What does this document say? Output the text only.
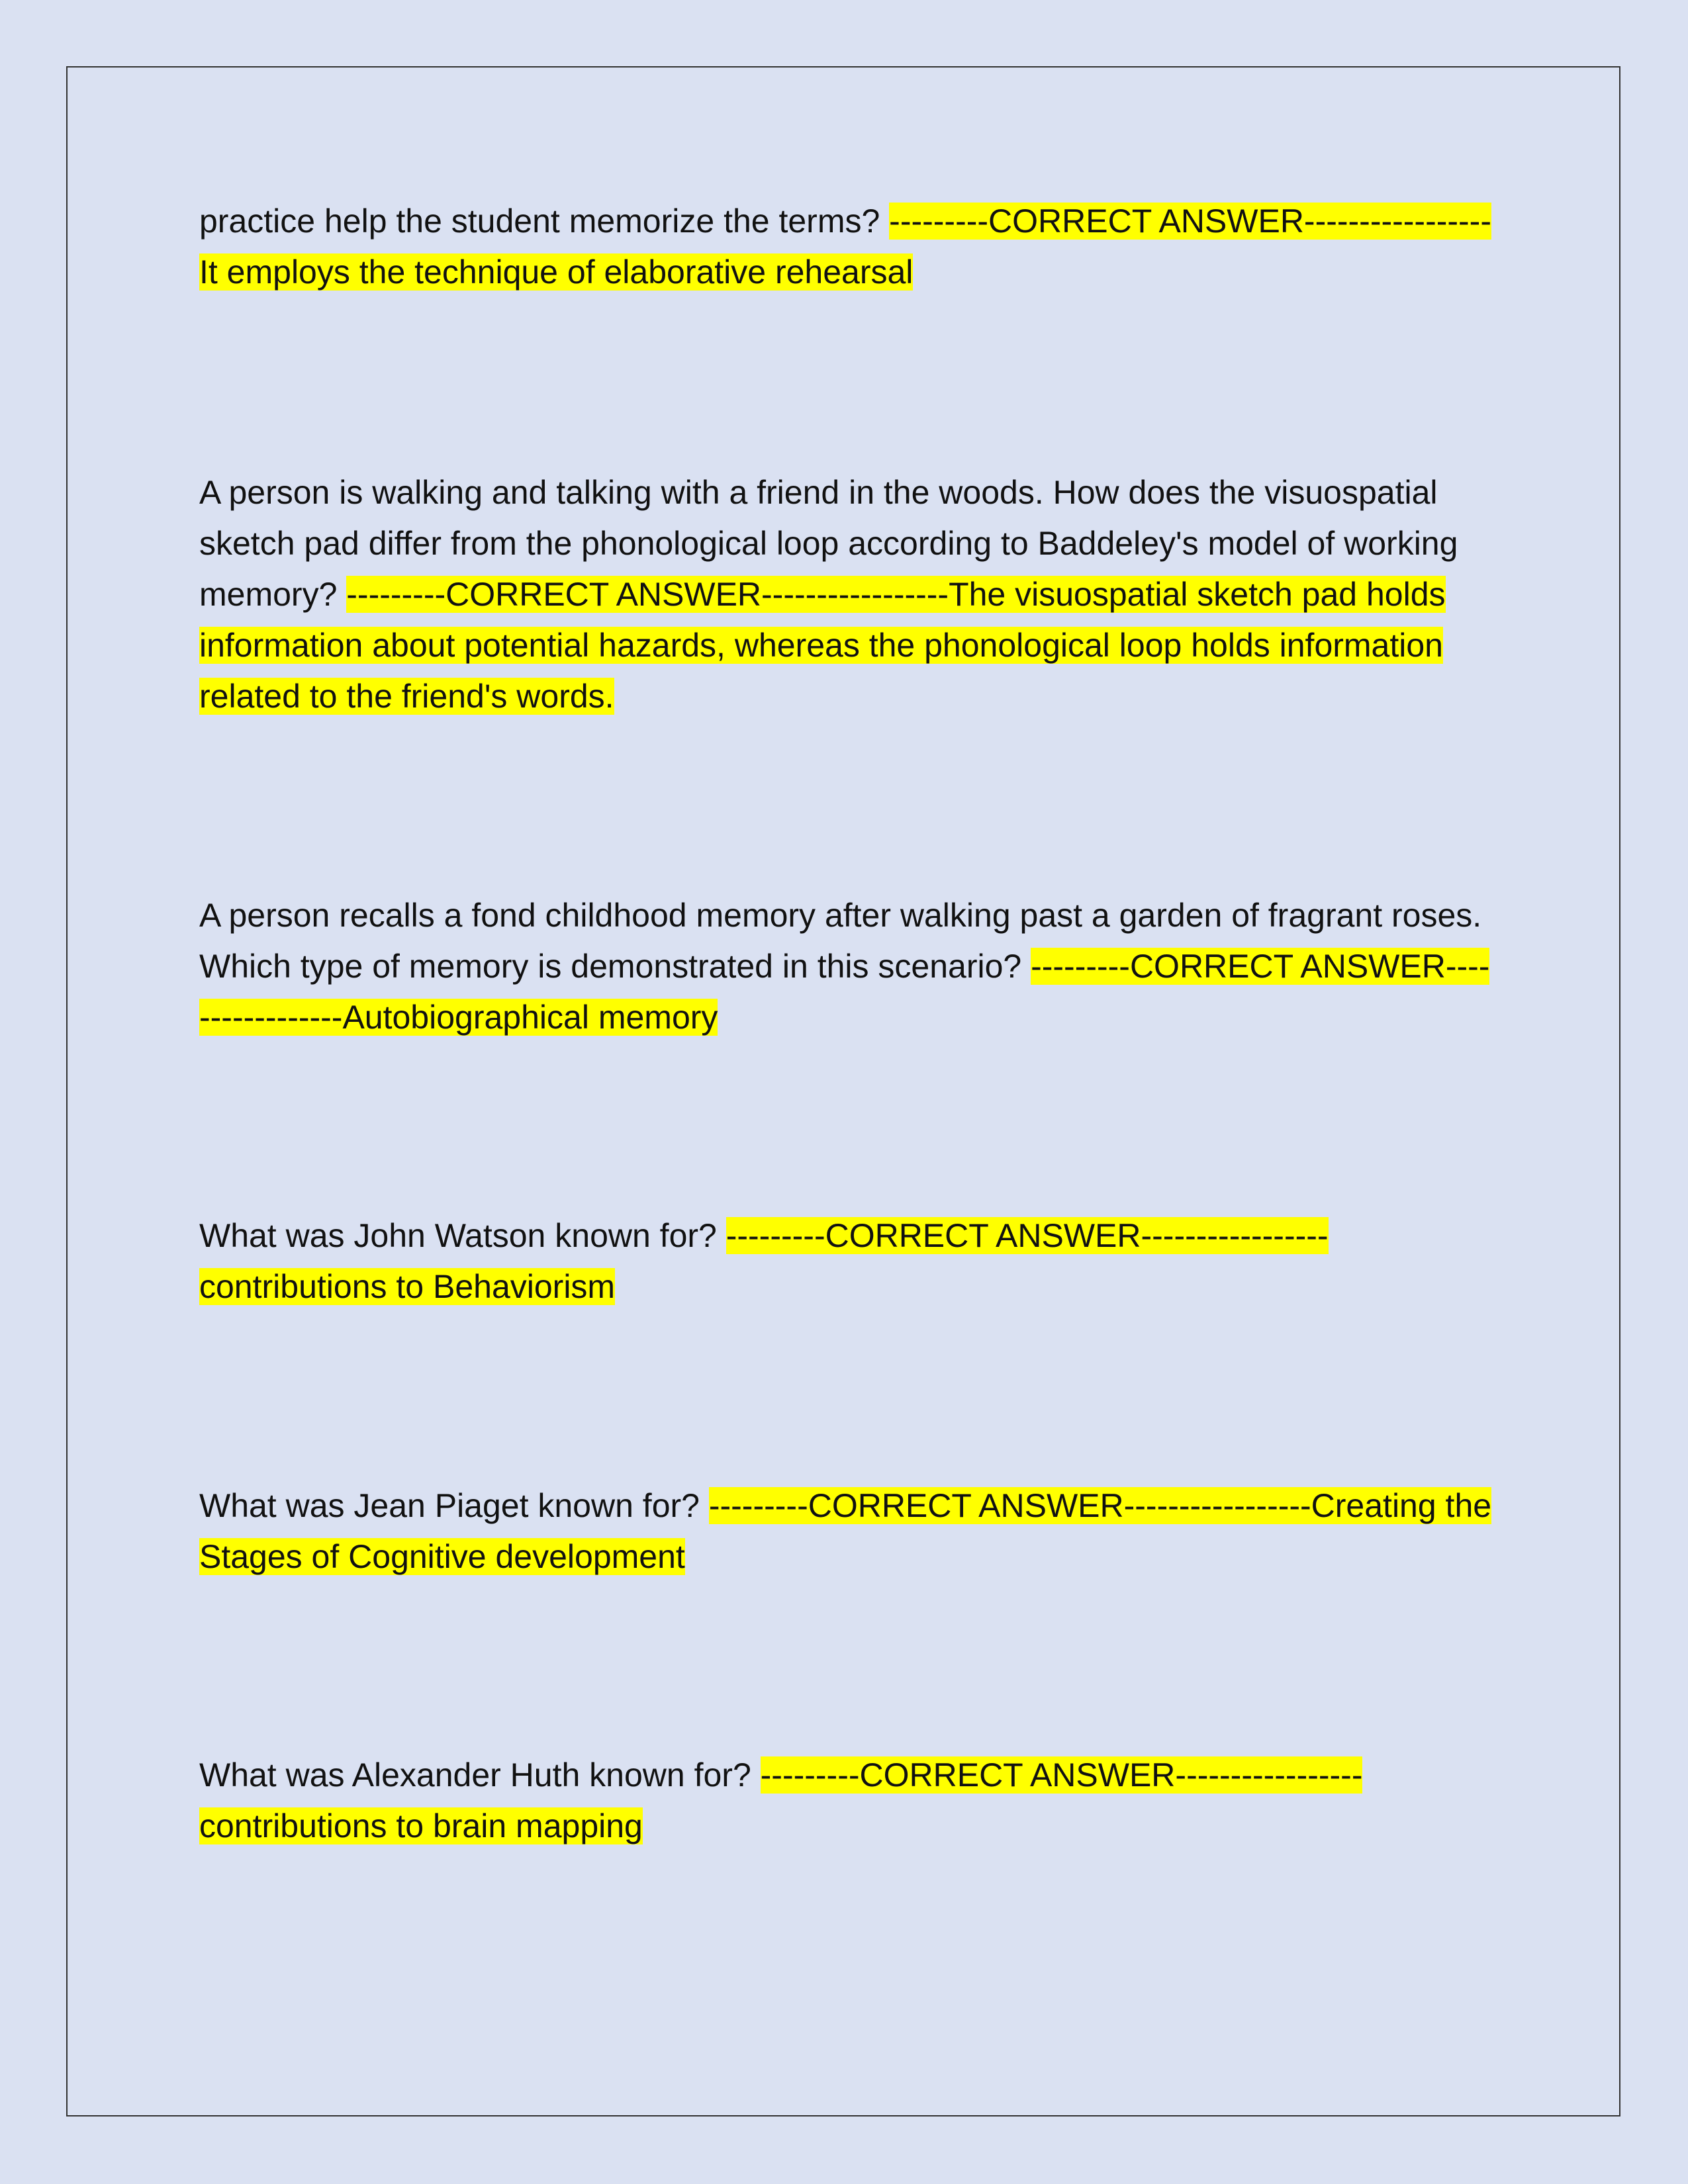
practice help the student memorize the terms? ---------CORRECT ANSWER-----------------It employs the technique of elaborative rehearsal
A person is walking and talking with a friend in the woods. How does the visuospatial sketch pad differ from the phonological loop according to Baddeley's model of working memory? ---------CORRECT ANSWER-----------------The visuospatial sketch pad holds information about potential hazards, whereas the phonological loop holds information related to the friend's words.
A person recalls a fond childhood memory after walking past a garden of fragrant roses. Which type of memory is demonstrated in this scenario? ---------CORRECT ANSWER-----------------Autobiographical memory
What was John Watson known for? ---------CORRECT ANSWER-----------------contributions to Behaviorism
What was Jean Piaget known for? ---------CORRECT ANSWER-----------------Creating the Stages of Cognitive development
What was Alexander Huth known for? ---------CORRECT ANSWER-----------------contributions to brain mapping
